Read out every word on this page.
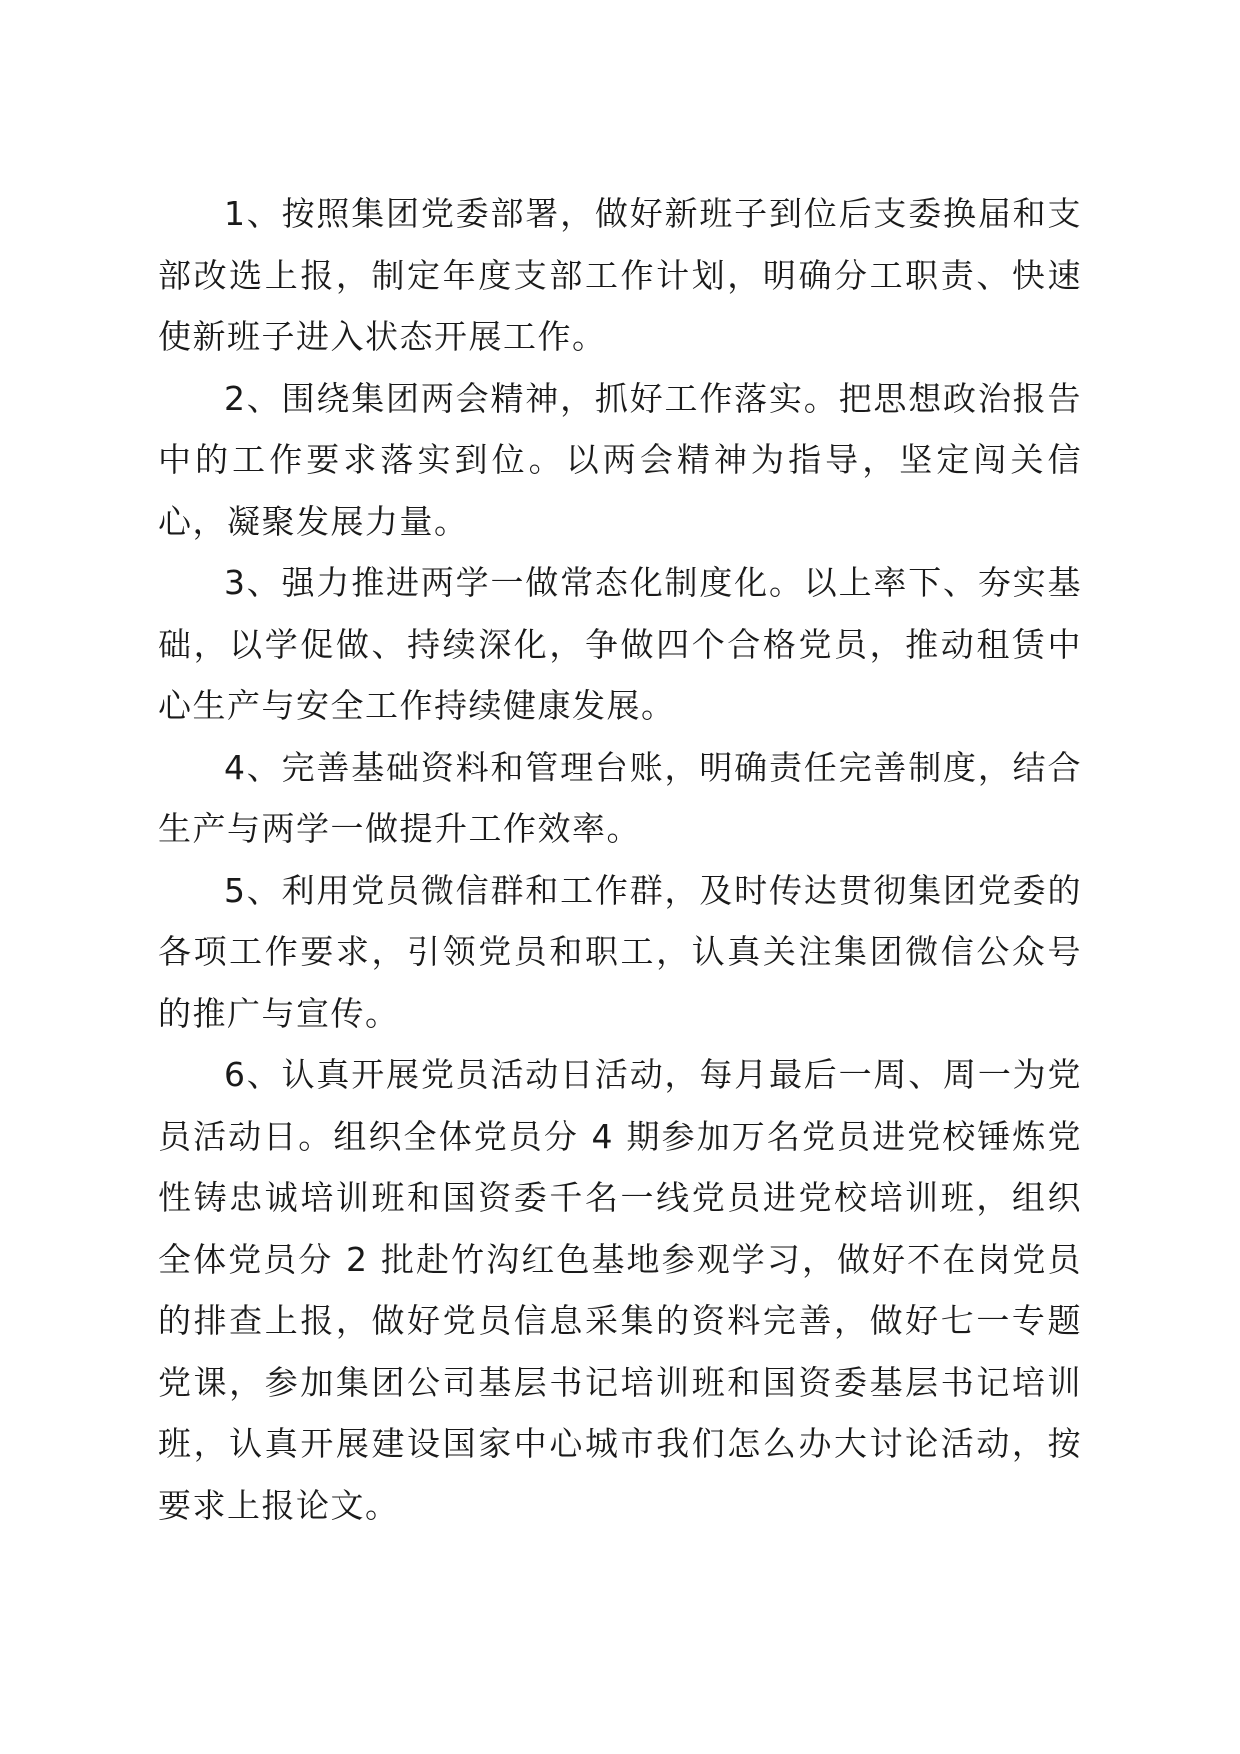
1、按照集团党委部署，做好新班子到位后支委换届和支部改选上报，制定年度支部工作计划，明确分工职责、快速使新班子进入状态开展工作。

2、围绕集团两会精神，抓好工作落实。把思想政治报告中的工作要求落实到位。以两会精神为指导，坚定闯关信心，凝聚发展力量。

3、强力推进两学一做常态化制度化。以上率下、夯实基础，以学促做、持续深化，争做四个合格党员，推动租赁中心生产与安全工作持续健康发展。

4、完善基础资料和管理台账，明确责任完善制度，结合生产与两学一做提升工作效率。

5、利用党员微信群和工作群，及时传达贯彻集团党委的各项工作要求，引领党员和职工，认真关注集团微信公众号的推广与宣传。

6、认真开展党员活动日活动，每月最后一周、周一为党员活动日。组织全体党员分 4 期参加万名党员进党校锤炼党性铸忠诚培训班和国资委千名一线党员进党校培训班，组织全体党员分 2 批赴竹沟红色基地参观学习，做好不在岗党员的排查上报，做好党员信息采集的资料完善，做好七一专题党课，参加集团公司基层书记培训班和国资委基层书记培训班，认真开展建设国家中心城市我们怎么办大讨论活动，按要求上报论文。
